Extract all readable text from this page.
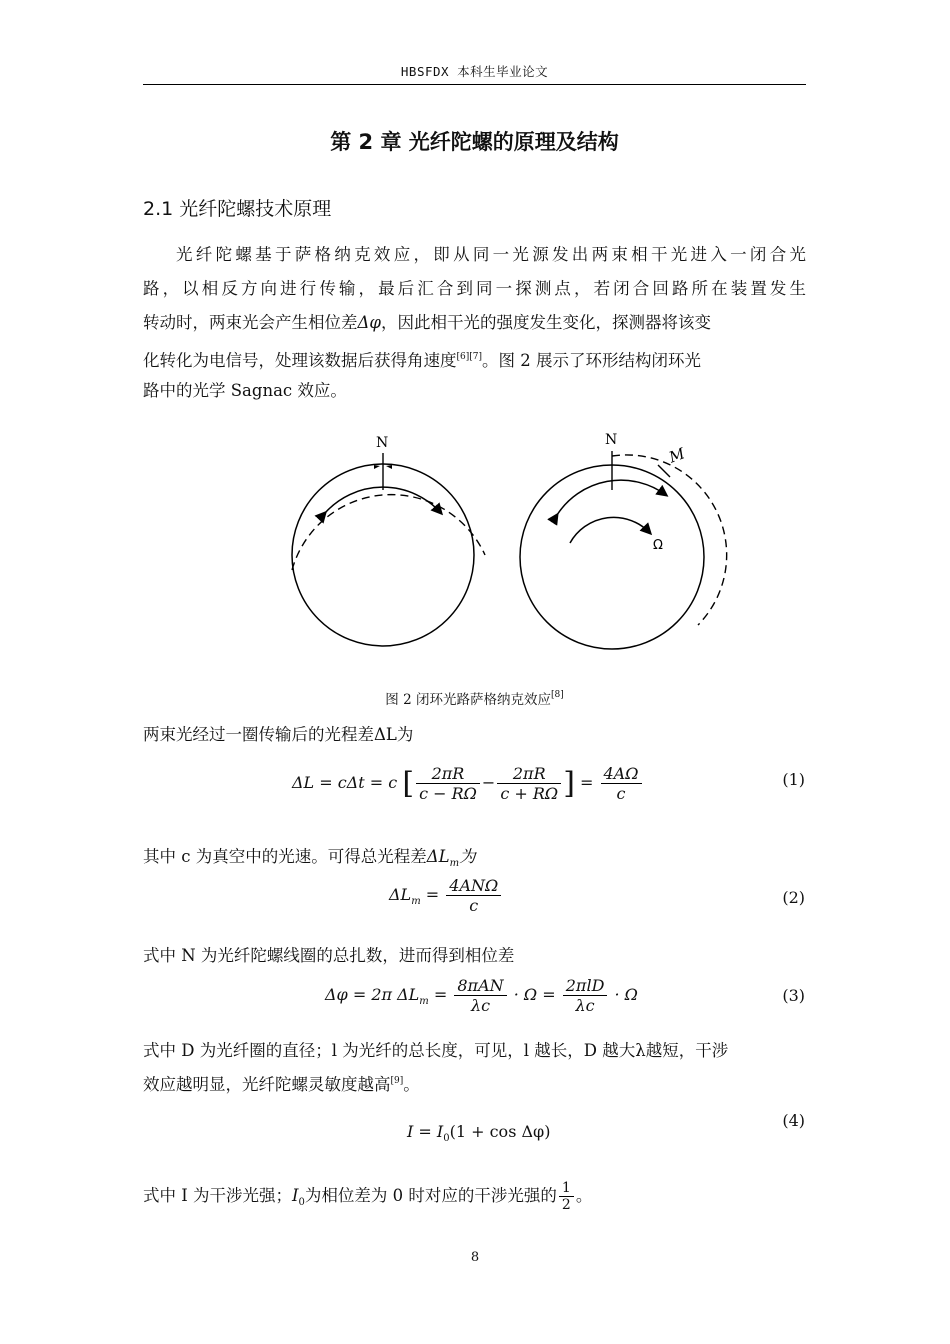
HBSFDX 本科生毕业论文
第 2 章 光纤陀螺的原理及结构
2.1 光纤陀螺技术原理
光纤陀螺基于萨格纳克效应，即从同一光源发出两束相干光进入一闭合光
路，以相反方向进行传输，最后汇合到同一探测点，若闭合回路所在装置发生
转动时，两束光会产生相位差Δφ，因此相干光的强度发生变化，探测器将该变
化转化为电信号，处理该数据后获得角速度[6][7]。图 2 展示了环形结构闭环光
路中的光学 Sagnac 效应。
N	N
M
Ω
图 2 闭环光路萨格纳克效应[8]
两束光经过一圈传输后的光程差ΔL为
ΔL = cΔt = c [ $\frac{2\pi R}{c - R\Omega} - \frac{2\pi R}{c + R\Omega}$ ] = $\frac{4A\Omega}{c}$	(1)
其中 c 为真空中的光速。可得总光程差$\Delta L_m$为
$\Delta L_m = \frac{\text{4ANΩ}}{c}$	(2)
式中 N 为光纤陀螺线圈的总扎数，进而得到相位差
Δφ = 2π $\Delta L_m = \frac{\text{8πAN}}{\lambda c} \cdot \Omega = \frac{\text{2πlD}}{\lambda c} \cdot \Omega$	(3)
式中 D 为光纤圈的直径；l 为光纤的总长度，可见，l 越长，D 越大λ越短，干涉
效应越明显，光纤陀螺灵敏度越高[9]。
$I = I_0(1 + \cos \Delta\varphi)$
(4)
式中 I 为干涉光强；$I_0$为相位差为 0 时对应的干涉光强的 $\frac{1}{2}$ 。
8
